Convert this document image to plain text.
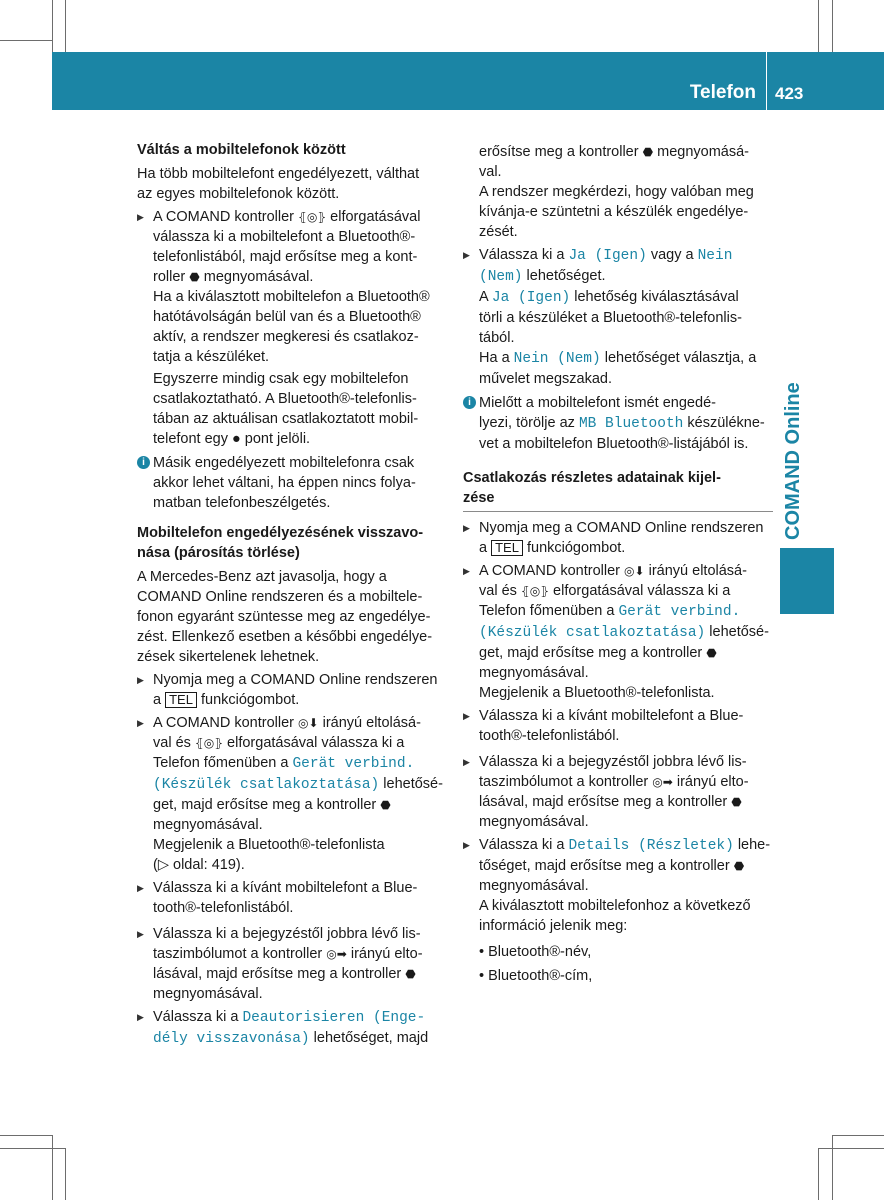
Telefon 423
COMAND Online
Váltás a mobiltelefonok között

Ha több mobiltelefont engedélyezett, válthat
az egyes mobiltelefonok között.

▶ A COMAND kontroller ⦃◎⦄ elforgatásával
válassza ki a mobiltelefont a Bluetooth®-
telefonlistából, majd erősítse meg a kont-
roller ⬣ megnyomásával.

Ha a kiválasztott mobiltelefon a Bluetooth®
hatótávolságán belül van és a Bluetooth®
aktív, a rendszer megkeresi és csatlakoz-
tatja a készüléket.

Egyszerre mindig csak egy mobiltelefon
csatlakoztatható. A Bluetooth®-telefonlis-
tában az aktuálisan csatlakoztatott mobil-
telefont egy ● pont jelöli.

i Másik engedélyezett mobiltelefonra csak
akkor lehet váltani, ha éppen nincs folya-
matban telefonbeszélgetés.
Mobiltelefon engedélyezésének visszavo-
nása (párosítás törlése)

A Mercedes-Benz azt javasolja, hogy a
COMAND Online rendszeren és a mobiltele-
fonon egyaránt szüntesse meg az engedélye-
zést. Ellenkező esetben a későbbi engedélye-
zések sikertelenek lehetnek.

▶ Nyomja meg a COMAND Online rendszeren
a TEL funkciógombot.
▶ A COMAND kontroller ◎⬇ irányú eltolásá-
val és ⦃◎⦄ elforgatásával válassza ki a
Telefon főmenüben a Gerät verbind.
(Készülék csatlakoztatása) lehetősé-
get, majd erősítse meg a kontroller ⬣
megnyomásával.
Megjelenik a Bluetooth®-telefonlista
(▷ oldal: 419).
▶ Válassza ki a kívánt mobiltelefont a Blue-
tooth®-telefonlistából.
▶ Válassza ki a bejegyzéstől jobbra lévő lis-
taszimbólumot a kontroller ◎➡ irányú elto-
lásával, majd erősítse meg a kontroller ⬣
megnyomásával.
▶ Válassza ki a Deautorisieren (Enge-
dély visszavonása) lehetőséget, majd

erősítse meg a kontroller ⬣ megnyomásá-
val.
A rendszer megkérdezi, hogy valóban meg
kívánja-e szüntetni a készülék engedélye-
zését.

▶ Válassza ki a Ja (Igen) vagy a Nein
(Nem) lehetőséget.
A Ja (Igen) lehetőség kiválasztásával
törli a készüléket a Bluetooth®-telefonlis-
tából.
Ha a Nein (Nem) lehetőséget választja, a
művelet megszakad.
i Mielőtt a mobiltelefont ismét engedé-
lyezi, törölje az MB Bluetooth készülékne-
vet a mobiltelefon Bluetooth®-listájából is.
Csatlakozás részletes adatainak kijel-
zése
▶ Nyomja meg a COMAND Online rendszeren
a TEL funkciógombot.
▶ A COMAND kontroller ◎⬇ irányú eltolásá-
val és ⦃◎⦄ elforgatásával válassza ki a
Telefon főmenüben a Gerät verbind.
(Készülék csatlakoztatása) lehetősé-
get, majd erősítse meg a kontroller ⬣
megnyomásával.
Megjelenik a Bluetooth®-telefonlista.
▶ Válassza ki a kívánt mobiltelefont a Blue-
tooth®-telefonlistából.
▶ Válassza ki a bejegyzéstől jobbra lévő lis-
taszimbólumot a kontroller ◎➡ irányú elto-
lásával, majd erősítse meg a kontroller ⬣
megnyomásával.
▶ Válassza ki a Details (Részletek) lehe-
tőséget, majd erősítse meg a kontroller ⬣
megnyomásával.
A kiválasztott mobiltelefonhoz a következő
információ jelenik meg:

• Bluetooth®-név,

• Bluetooth®-cím,
